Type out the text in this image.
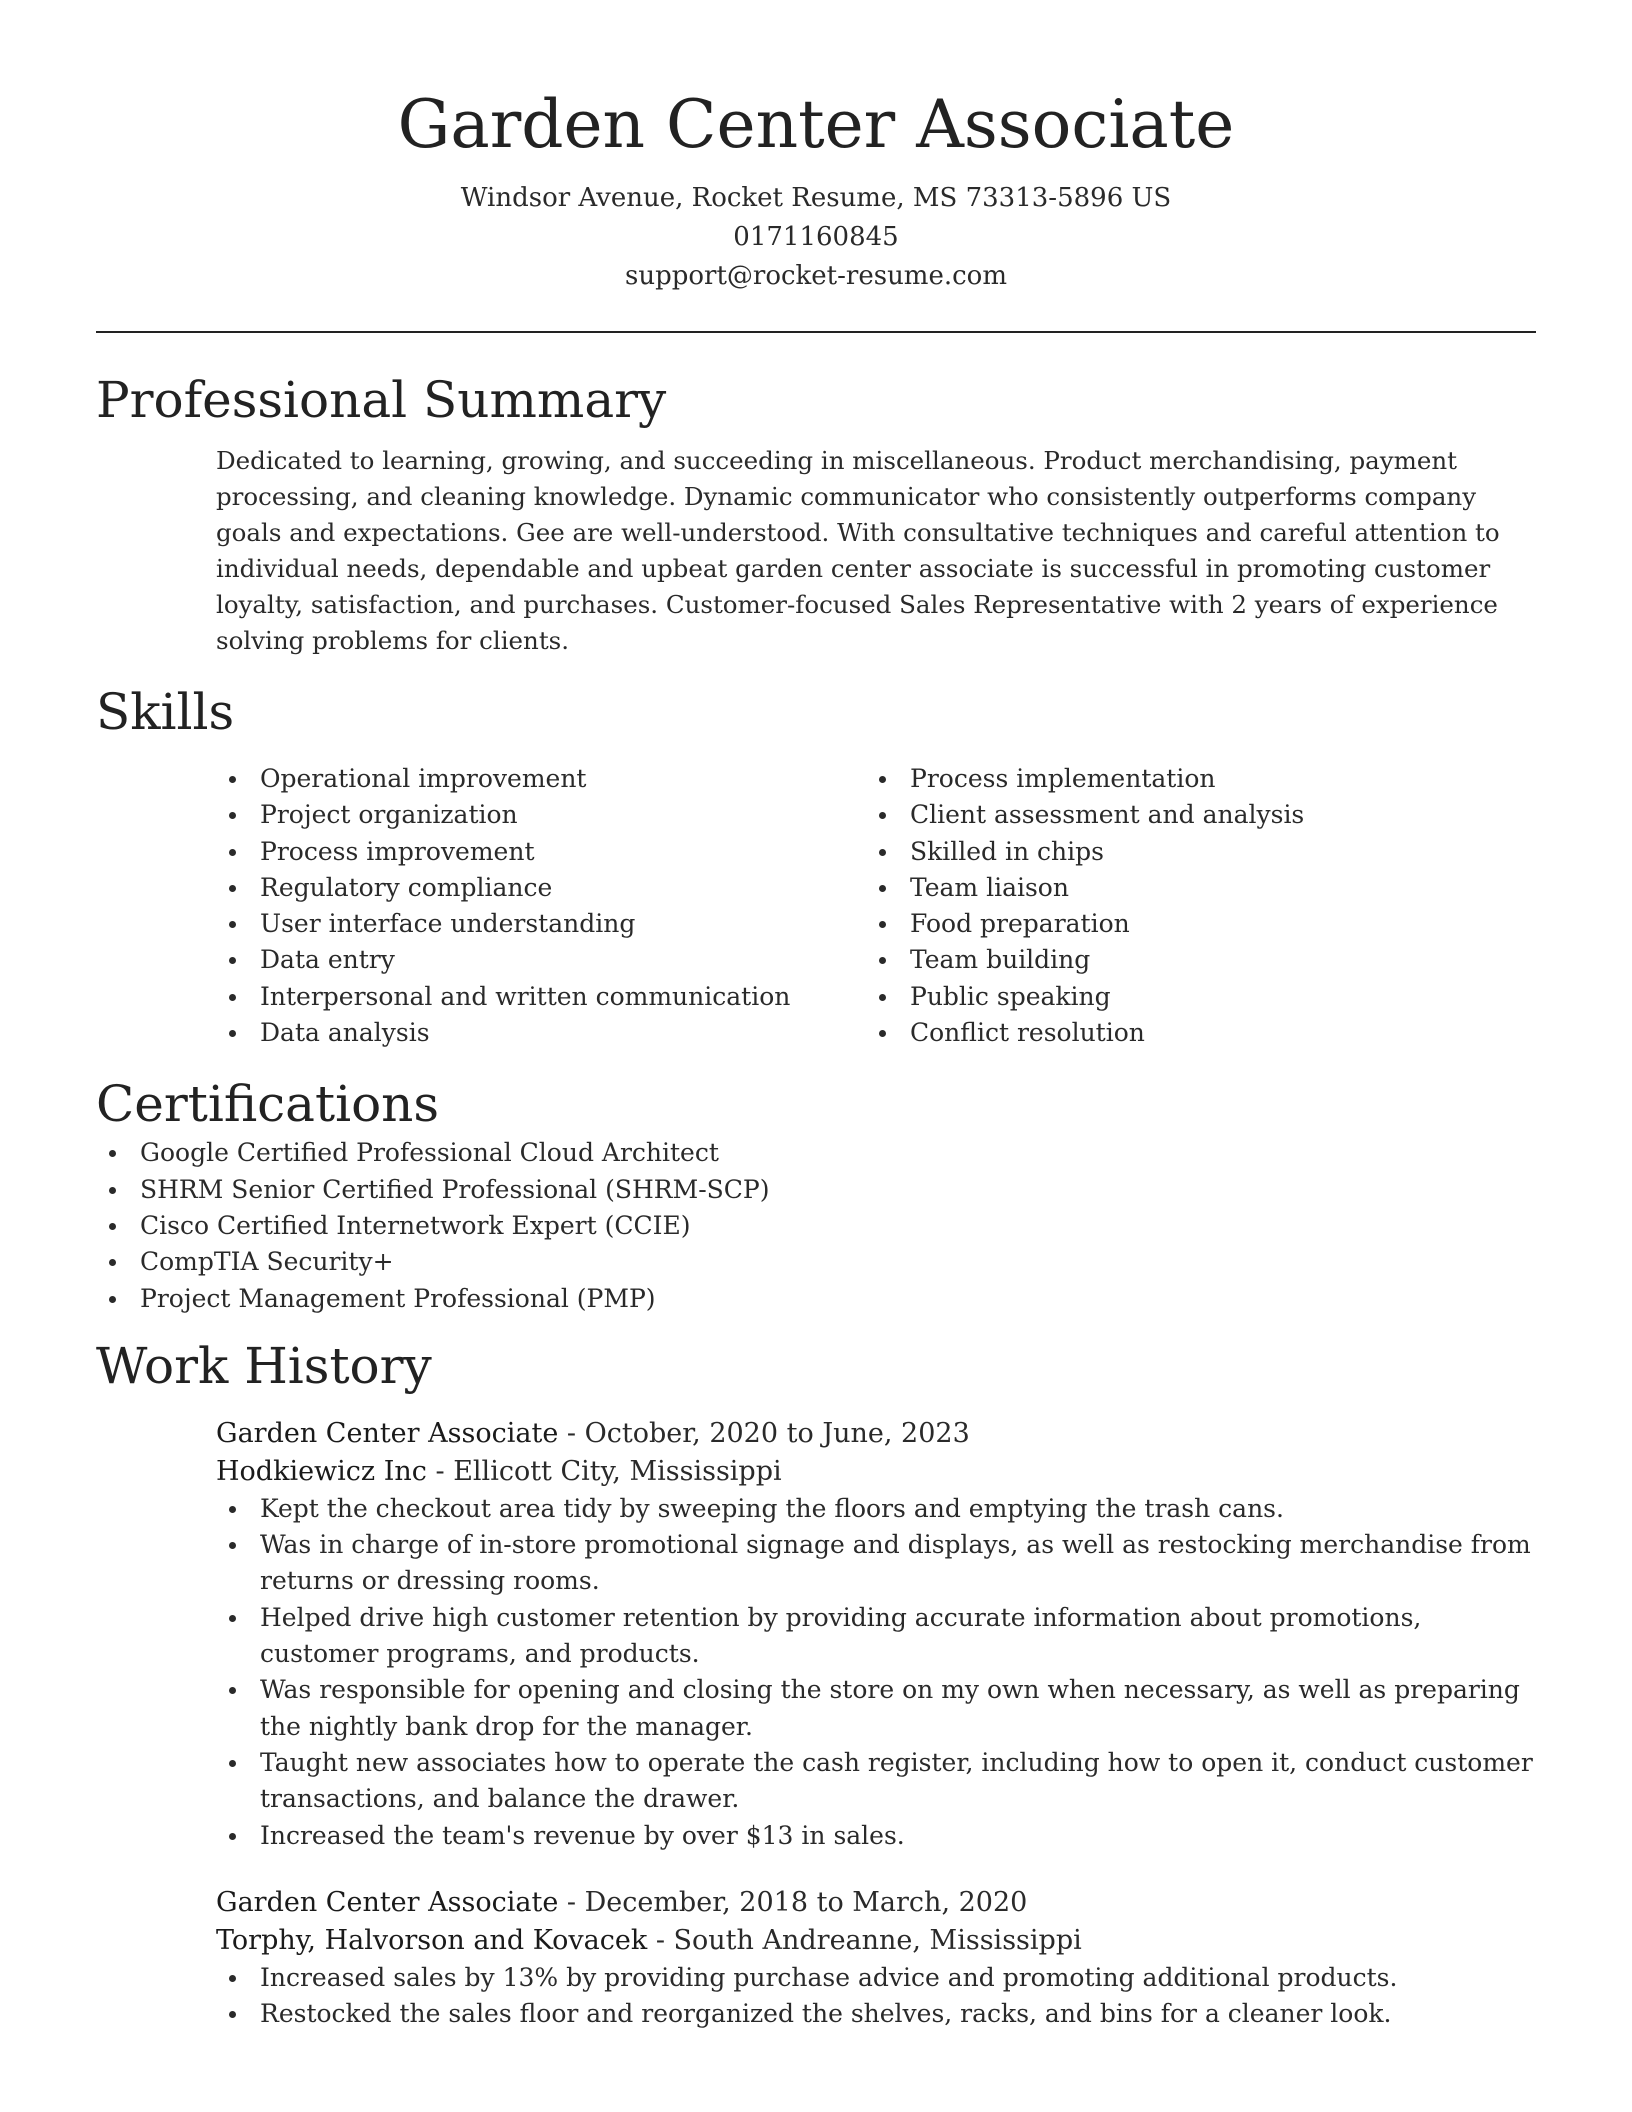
Garden Center Associate
Windsor Avenue, Rocket Resume, MS 73313-5896 US
0171160845
support@rocket-resume.com
Professional Summary

Dedicated to learning, growing, and succeeding in miscellaneous. Product merchandising, payment processing, and cleaning knowledge. Dynamic communicator who consistently outperforms company goals and expectations. Gee are well-understood. With consultative techniques and careful attention to individual needs, dependable and upbeat garden center associate is successful in promoting customer loyalty, satisfaction, and purchases. Customer-focused Sales Representative with 2 years of experience solving problems for clients.

Skills
Operational improvement
Project organization
Process improvement
Regulatory compliance
User interface understanding
Data entry
Interpersonal and written communication
Data analysis
Process implementation
Client assessment and analysis
Skilled in chips
Team liaison
Food preparation
Team building
Public speaking
Conflict resolution
Certifications
Google Certified Professional Cloud Architect
SHRM Senior Certified Professional (SHRM-SCP)
Cisco Certified Internetwork Expert (CCIE)
CompTIA Security+
Project Management Professional (PMP)
Work History
Garden Center Associate - October, 2020 to June, 2023
Hodkiewicz Inc - Ellicott City, Mississippi
Kept the checkout area tidy by sweeping the floors and emptying the trash cans.
Was in charge of in-store promotional signage and displays, as well as restocking merchandise from returns or dressing rooms.
Helped drive high customer retention by providing accurate information about promotions, customer programs, and products.
Was responsible for opening and closing the store on my own when necessary, as well as preparing the nightly bank drop for the manager.
Taught new associates how to operate the cash register, including how to open it, conduct customer transactions, and balance the drawer.
Increased the team's revenue by over $13 in sales.
Garden Center Associate - December, 2018 to March, 2020
Torphy, Halvorson and Kovacek - South Andreanne, Mississippi
Increased sales by 13% by providing purchase advice and promoting additional products.
Restocked the sales floor and reorganized the shelves, racks, and bins for a cleaner look.
